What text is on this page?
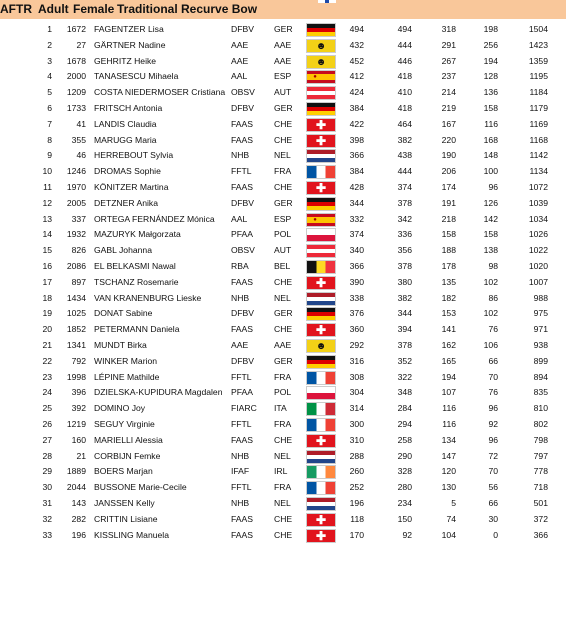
AFTR Adult Female Traditional Recurve Bow
1	1672 FAGENTZER Lisa	DFBV	GER	494	494	318	198	1504
2	27 GÄRTNER Nadine	AAE	AAE	432	444	291	256	1423
☻
3	1678 GEHRITZ Heike	AAE	AAE	452	446	267	194	1359
☻
4	2000 TANASESCU Mihaela	AAL	ESP	412	418	237	128	1195
●
5	1209 COSTA NIEDERMOSER Cristiana OBSV	AUT	424	410	214	136	1184
6	1733 FRITSCH Antonia	DFBV	GER	384	418	219	158	1179
7	41 LANDIS Claudia	FAAS	CHE	422	464	167	116	1169
✚
8	355 MARUGG Maria	FAAS	CHE	398	382	220	168	1168
✚
9	46 HERREBOUT Sylvia	NHB	NEL	366	438	190	148	1142
10	1246 DROMAS Sophie	FFTL	FRA	384	444	206	100	1134
11	1970 KÖNITZER Martina	FAAS	CHE	428	374	174	96	1072
✚
12	2005 DETZNER Anika	DFBV	GER	344	378	191	126	1039
13	337 ORTEGA FERNÁNDEZ Mónica	AAL	ESP	332	342	218	142	1034
●
14	1932 MAZURYK Małgorzata	PFAA	POL	374	336	158	158	1026
15	826 GABL Johanna	OBSV	AUT	340	356	188	138	1022
16	2086 EL BELKASMI Nawal	RBA	BEL	366	378	178	98	1020
17	897 TSCHANZ Rosemarie	FAAS	CHE	390	380	135	102	1007
✚
18	1434 VAN KRANENBURG Lieske	NHB	NEL	338	382	182	86	988
19	1025 DONAT Sabine	DFBV	GER	376	344	153	102	975
20	1852 PETERMANN Daniela	FAAS	CHE	360	394	141	76	971
✚
21	1341 MUNDT Birka	AAE	AAE	292	378	162	106	938
☻
22	792 WINKER Marion	DFBV	GER	316	352	165	66	899
23	1998 LÉPINE Mathilde	FFTL	FRA	308	322	194	70	894
24	396 DZIELSKA-KUPIDURA Magdalen PFAA	POL	304	348	107	76	835
25	392 DOMINO Joy	FIARC	ITA	314	284	116	96	810
26	1219 SEGUY Virginie	FFTL	FRA	300	294	116	92	802
27	160 MARIELLI Alessia	FAAS	CHE	310	258	134	96	798
✚
28	21 CORBIJN Femke	NHB	NEL	288	290	147	72	797
29	1889 BOERS Marjan	IFAF	IRL	260	328	120	70	778
30	2044 BUSSONE Marie-Cecile	FFTL	FRA	252	280	130	56	718
31	143 JANSSEN Kelly	NHB	NEL	196	234	5	66	501
32	282 CRITTIN Lisiane	FAAS	CHE	118	150	74	30	372
✚
33	196 KISSLING Manuela	FAAS	CHE	170	92	104	0	366
✚
